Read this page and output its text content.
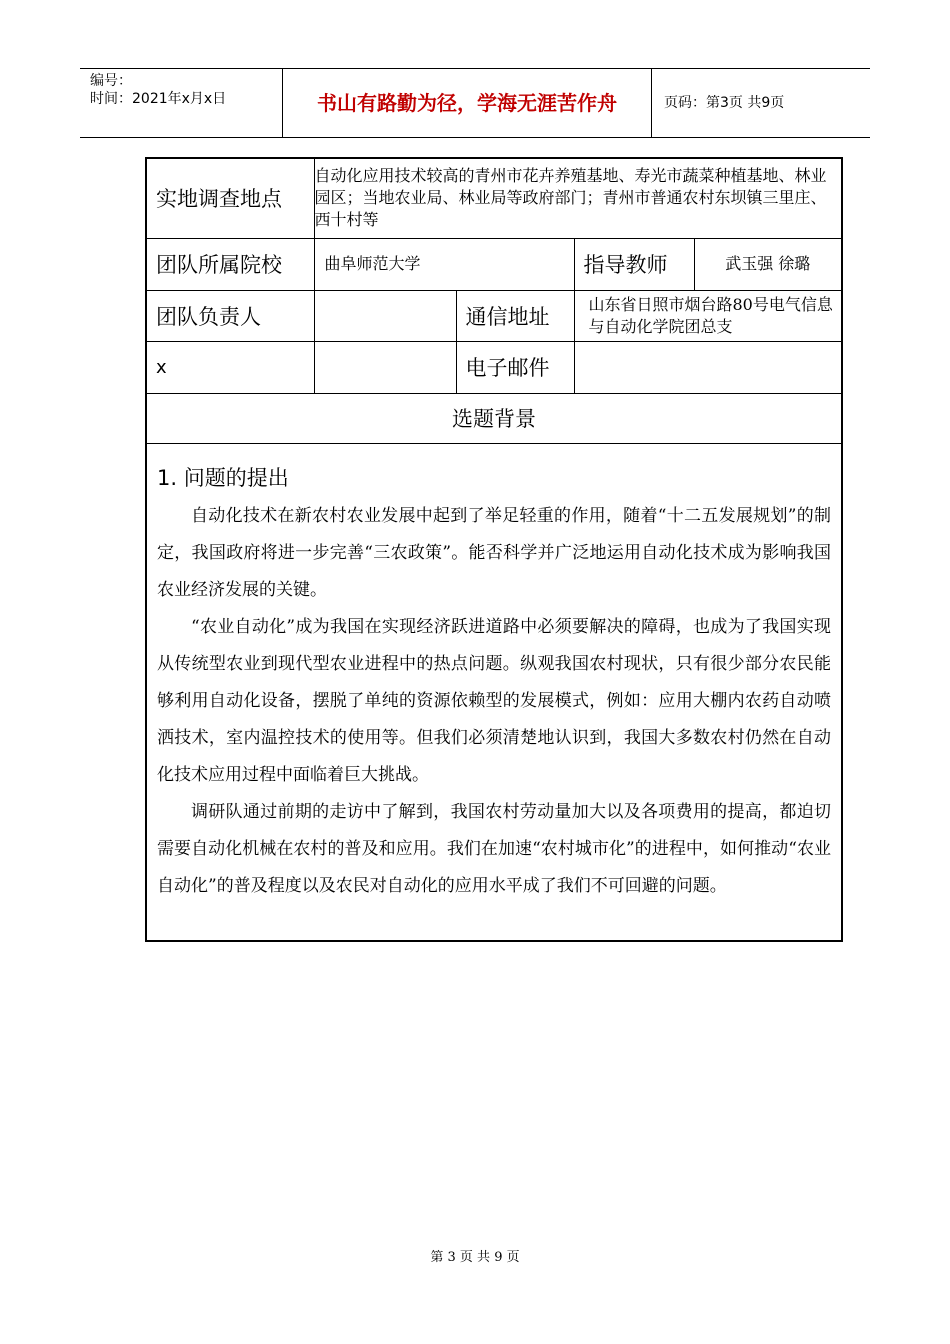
编号：
时间：2021年x月x日	书山有路勤为径，学海无涯苦作舟	页码：第3页 共9页
实地调查地点	自动化应用技术较高的青州市花卉养殖基地、寿光市蔬菜种植基地、林业园区；当地农业局、林业局等政府部门；青州市普通农村东坝镇三里庄、西十村等			
团队所属院校	曲阜师范大学		指导教师	武玉强 徐璐
团队负责人		通信地址	山东省日照市烟台路80号电气信息与自动化学院团总支	
x		电子邮件		
选题背景				

1. 问题的提出

自动化技术在新农村农业发展中起到了举足轻重的作用，随着“十二五发展规划”的制定，我国政府将进一步完善“三农政策”。能否科学并广泛地运用自动化技术成为影响我国农业经济发展的关键。

“农业自动化”成为我国在实现经济跃进道路中必须要解决的障碍，也成为了我国实现从传统型农业到现代型农业进程中的热点问题。纵观我国农村现状，只有很少部分农民能够利用自动化设备，摆脱了单纯的资源依赖型的发展模式，例如：应用大棚内农药自动喷洒技术，室内温控技术的使用等。但我们必须清楚地认识到，我国大多数农村仍然在自动化技术应用过程中面临着巨大挑战。

调研队通过前期的走访中了解到，我国农村劳动量加大以及各项费用的提高，都迫切需要自动化机械在农村的普及和应用。我们在加速“农村城市化”的进程中，如何推动“农业自动化”的普及程度以及农民对自动化的应用水平成了我们不可回避的问题。				

第 3 页 共 9 页
